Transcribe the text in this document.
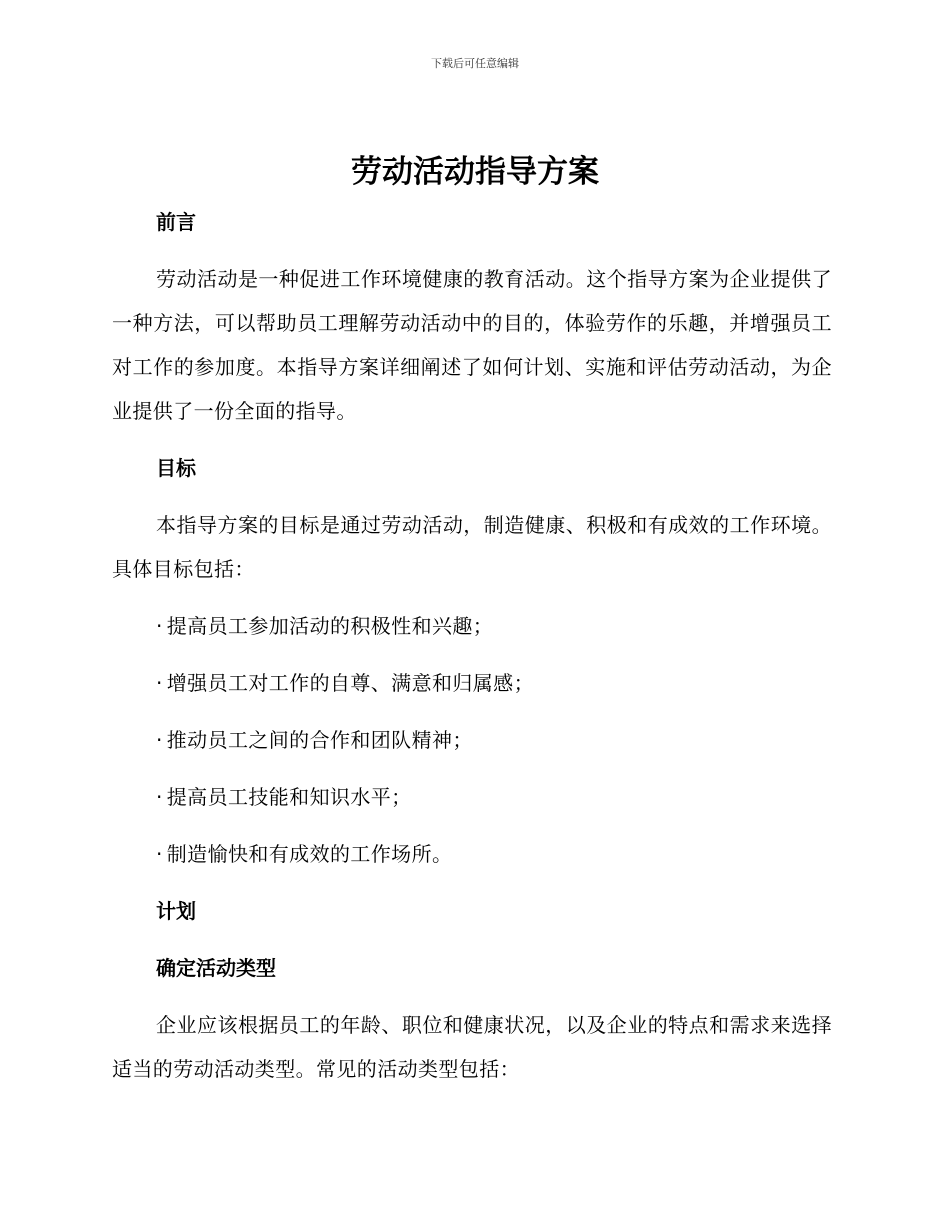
下载后可任意编辑
劳动活动指导方案
前言

劳动活动是一种促进工作环境健康的教育活动。这个指导方案为企业提供了一种方法，可以帮助员工理解劳动活动中的目的，体验劳作的乐趣，并增强员工对工作的参加度。本指导方案详细阐述了如何计划、实施和评估劳动活动，为企业提供了一份全面的指导。

目标

本指导方案的目标是通过劳动活动，制造健康、积极和有成效的工作环境。具体目标包括：

· 提高员工参加活动的积极性和兴趣；
· 增强员工对工作的自尊、满意和归属感；
· 推动员工之间的合作和团队精神；
· 提高员工技能和知识水平；
· 制造愉快和有成效的工作场所。
计划
确定活动类型

企业应该根据员工的年龄、职位和健康状况，以及企业的特点和需求来选择适当的劳动活动类型。常见的活动类型包括：
